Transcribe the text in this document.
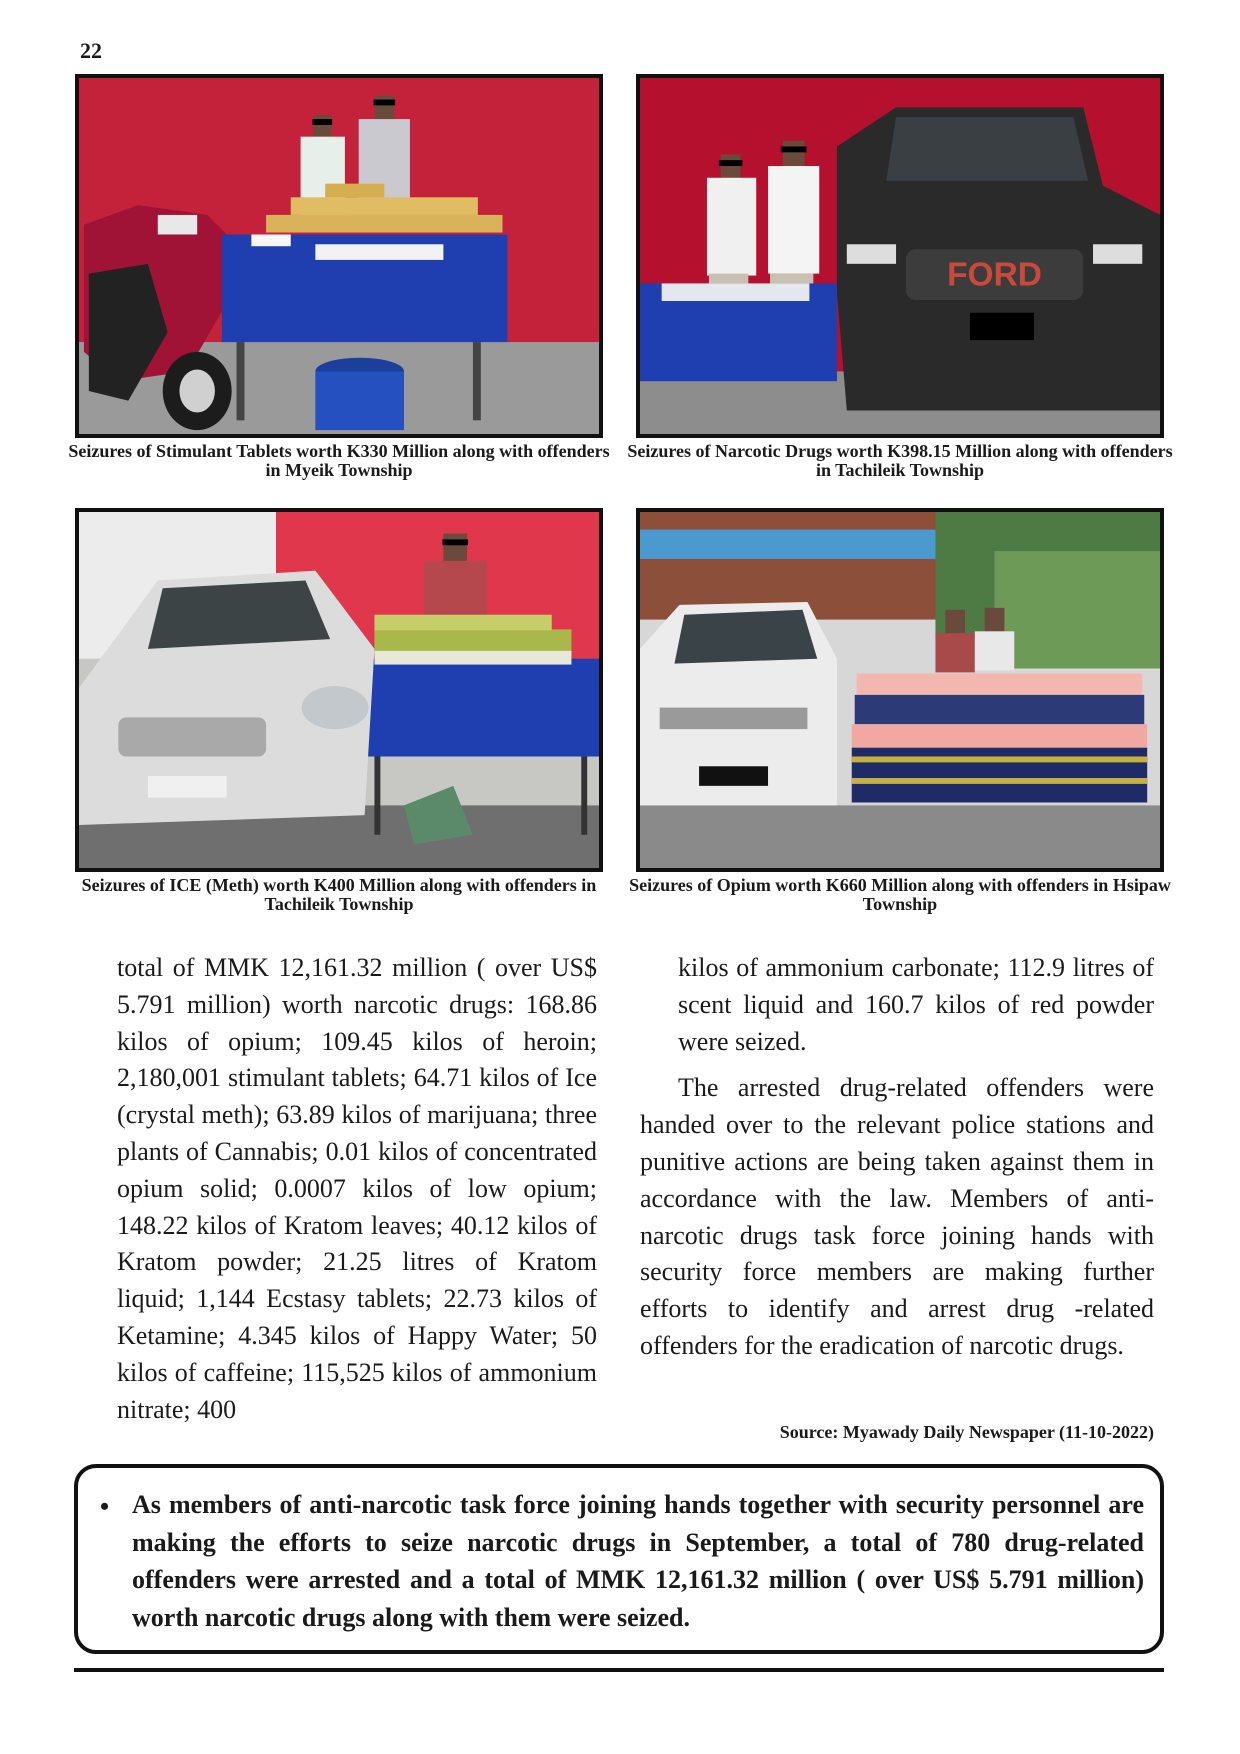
22
Seizures of Stimulant Tablets worth K330 Million along with offenders in Myeik Township
FORD
Seizures of Narcotic Drugs worth K398.15 Million along with offenders in Tachileik Township
Seizures of ICE (Meth) worth K400 Million along with offenders in Tachileik Township
Seizures of Opium worth K660 Million along with offenders in Hsipaw Township

total of MMK 12,161.32 million ( over US$ 5.791 million) worth narcotic drugs: 168.86 kilos of opium; 109.45 kilos of heroin; 2,180,001 stimulant tablets; 64.71 kilos of Ice (crystal meth); 63.89 kilos of marijuana; three plants of Cannabis; 0.01 kilos of concentrated opium solid; 0.0007 kilos of low opium; 148.22 kilos of Kratom leaves; 40.12 kilos of Kratom powder; 21.25 litres of Kratom liquid; 1,144 Ecstasy tablets; 22.73 kilos of Ketamine; 4.345 kilos of Happy Water; 50 kilos of caffeine; 115,525 kilos of ammonium nitrate; 400

kilos of ammonium carbonate; 112.9 litres of scent liquid and 160.7 kilos of red powder were seized.

The arrested drug-related offenders were handed over to the relevant police stations and punitive actions are being taken against them in accordance with the law. Members of anti-narcotic drugs task force joining hands with security force members are making further efforts to identify and arrest drug -related offenders for the eradication of narcotic drugs.

Source: Myawady Daily Newspaper (11-10-2022)
• As members of anti-narcotic task force joining hands together with security personnel are making the efforts to seize narcotic drugs in September, a total of 780 drug-related offenders were arrested and a total of MMK 12,161.32 million ( over US$ 5.791 million) worth narcotic drugs along with them were seized.
